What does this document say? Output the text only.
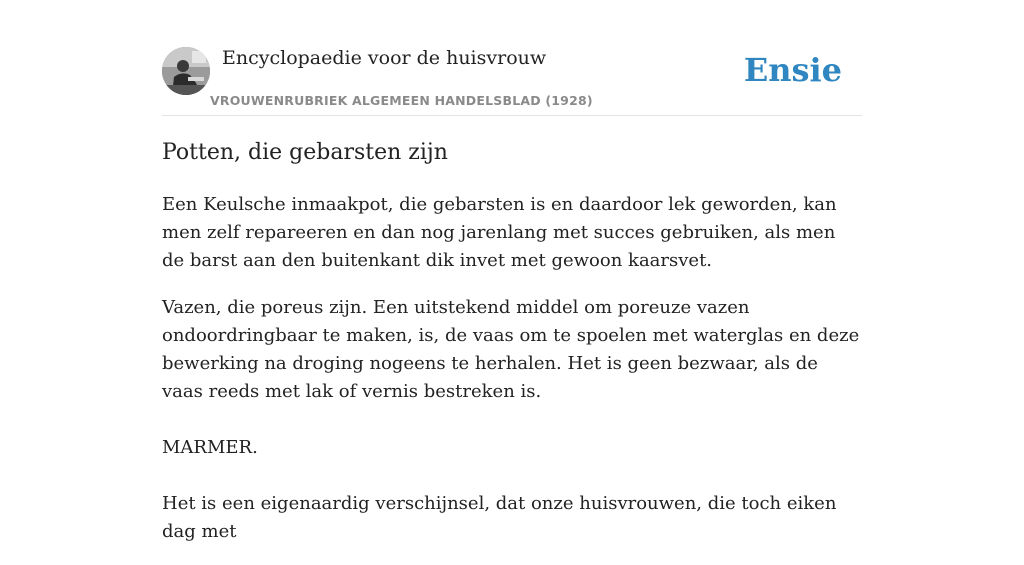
Encyclopaedie voor de huisvrouw
VROUWENRUBRIEK ALGEMEEN HANDELSBLAD (1928)
Ensie
Potten, die gebarsten zijn

Een Keulsche inmaakpot, die gebarsten is en daardoor lek geworden, kan men zelf repareeren en dan nog jarenlang met succes gebruiken, als men de barst aan den buitenkant dik invet met gewoon kaarsvet.

Vazen, die poreus zijn. Een uitstekend middel om poreuze vazen ondoordringbaar te maken, is, de vaas om te spoelen met waterglas en deze bewerking na droging nogeens te herhalen. Het is geen bezwaar, als de vaas reeds met lak of vernis bestreken is.

MARMER.

Het is een eigenaardig verschijnsel, dat onze huisvrouwen, die toch eiken dag met
